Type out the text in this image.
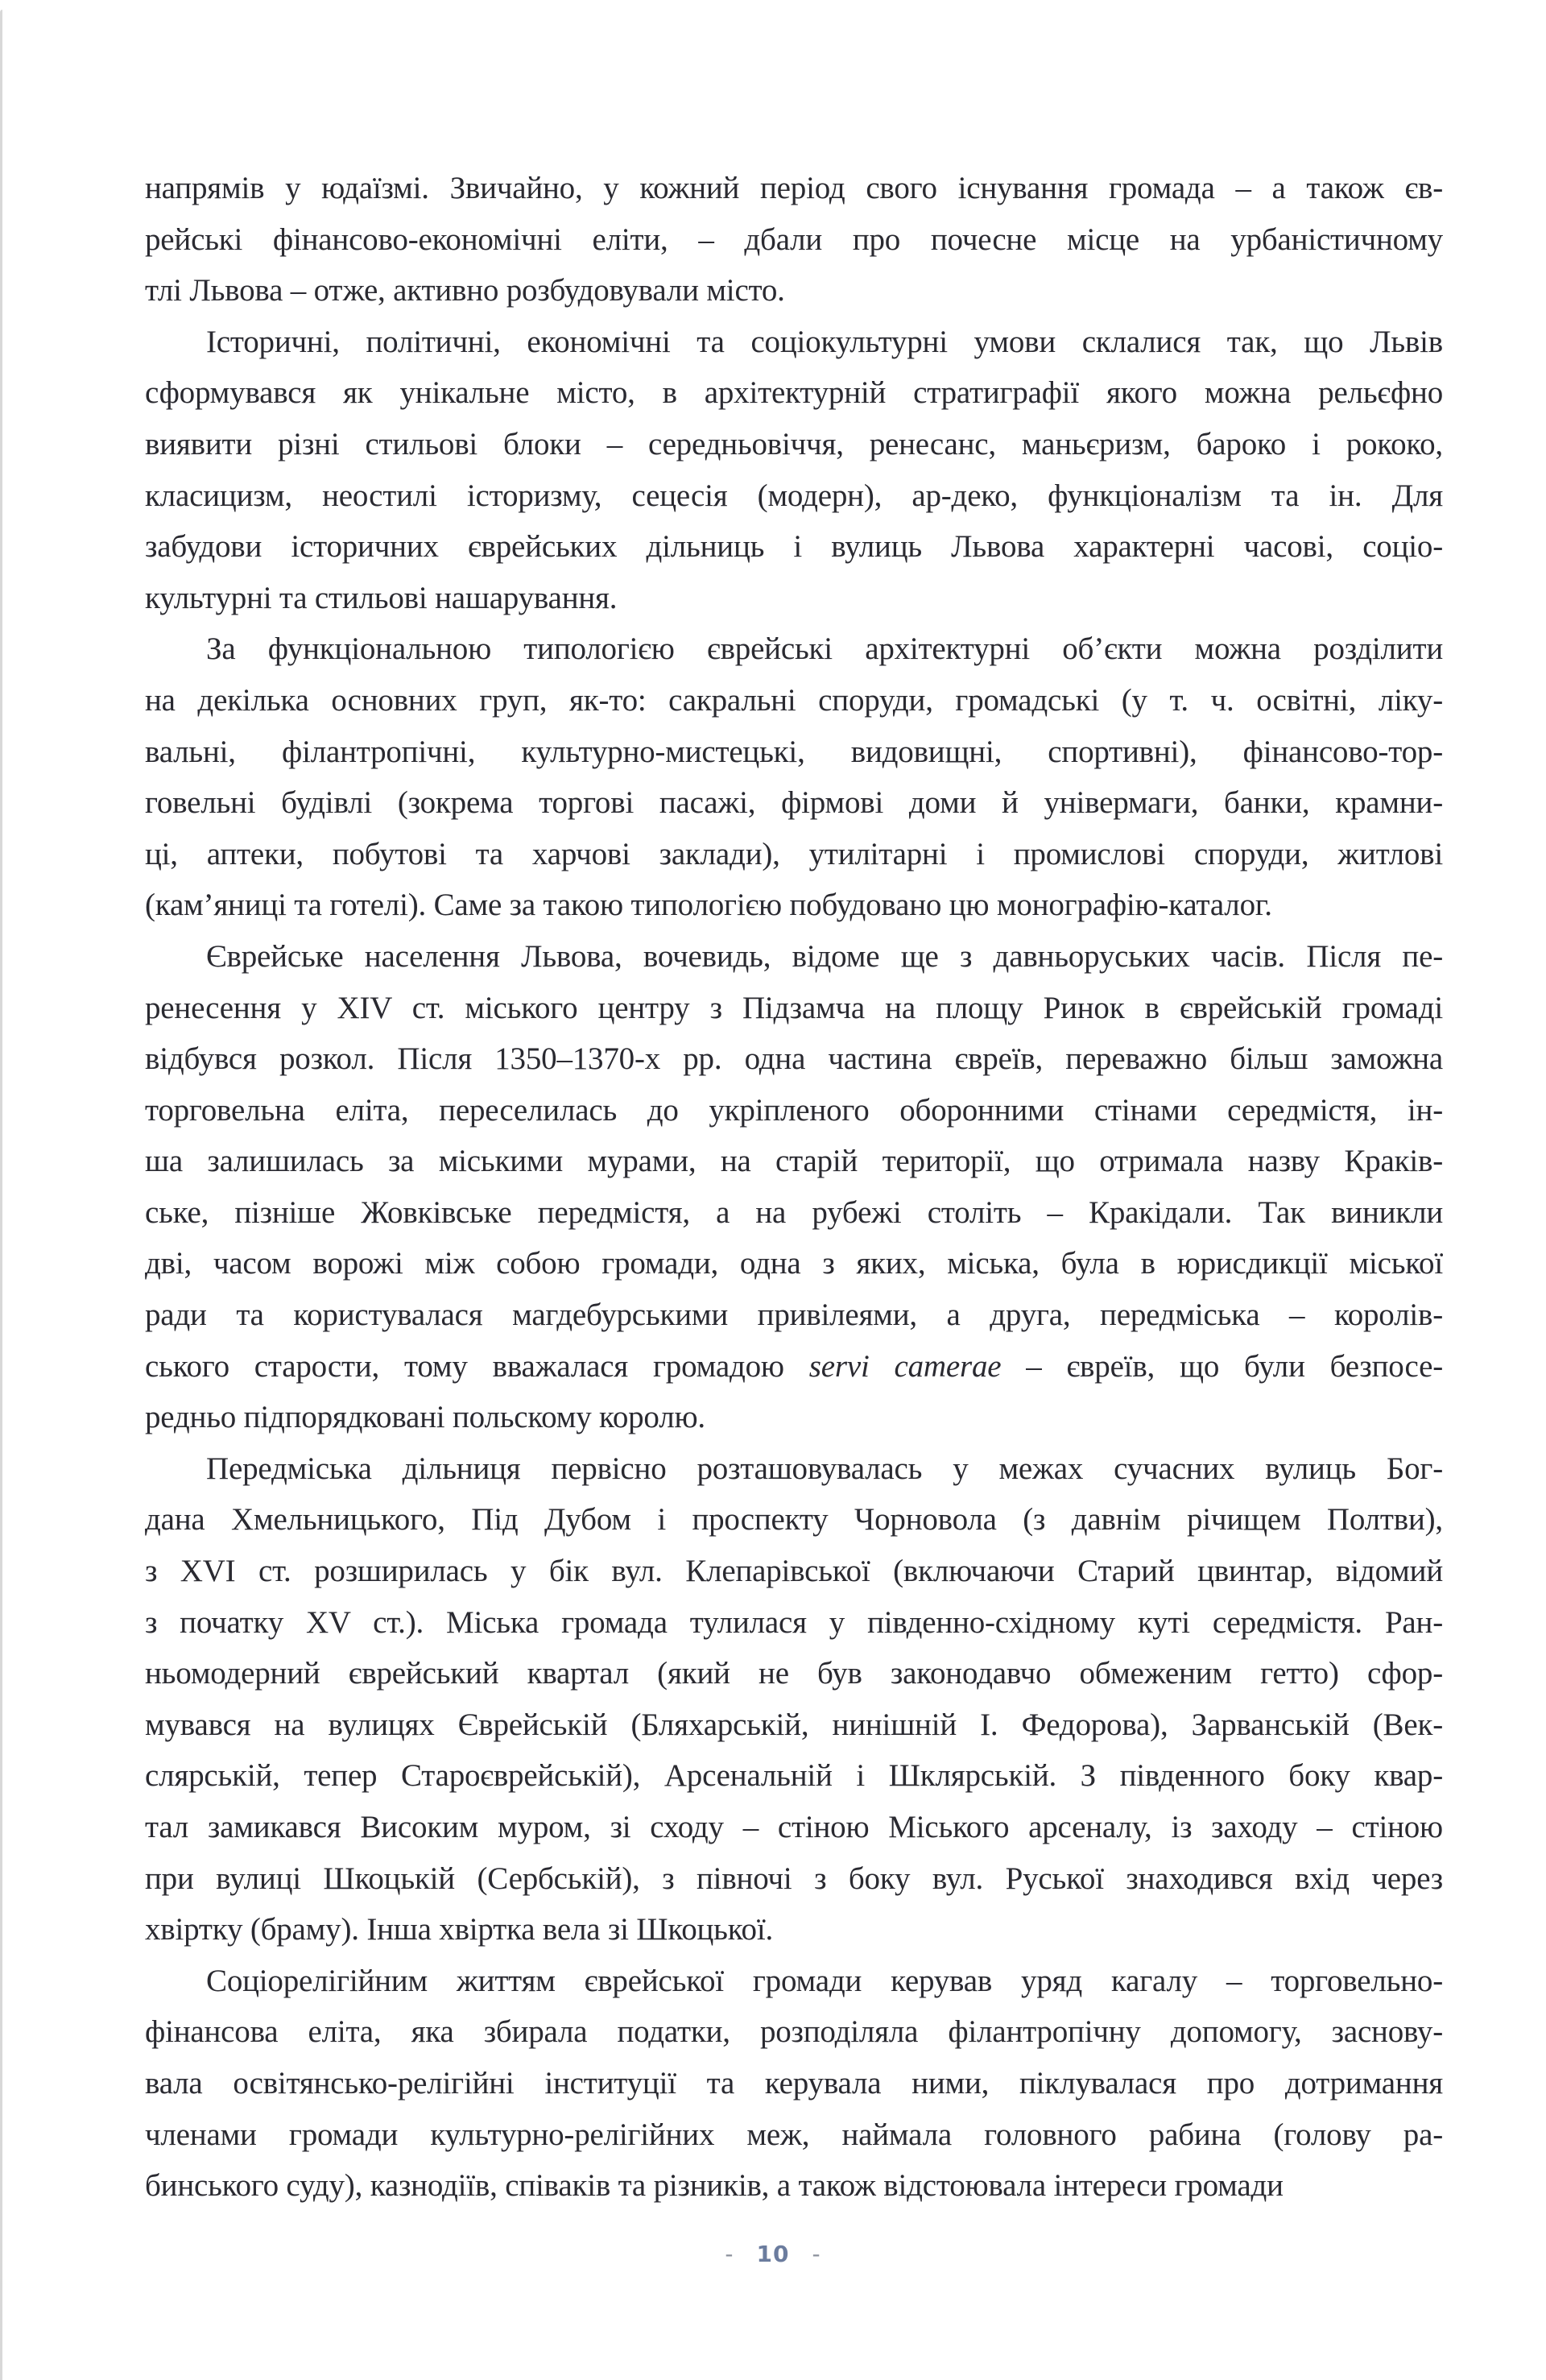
напрямів у юдаїзмі. Звичайно, у кожний період свого існування громада – а також єв-
рейські фінансово-економічні еліти, – дбали про почесне місце на урбаністичному
тлі Львова – отже, активно розбудовували місто.
Історичні, політичні, економічні та соціокультурні умови склалися так, що Львів
сформувався як унікальне місто, в архітектурній стратиграфії якого можна рельєфно
виявити різні стильові блоки – середньовіччя, ренесанс, маньєризм, бароко і рококо,
класицизм, неостилі історизму, сецесія (модерн), ар-деко, функціоналізм та ін. Для
забудови історичних єврейських дільниць і вулиць Львова характерні часові, соціо-
культурні та стильові нашарування.
За функціональною типологією єврейські архітектурні об’єкти можна розділити
на декілька основних груп, як-то: сакральні споруди, громадські (у т. ч. освітні, ліку-
вальні, філантропічні, культурно-мистецькі, видовищні, спортивні), фінансово-тор-
говельні будівлі (зокрема торгові пасажі, фірмові доми й універмаги, банки, крамни-
ці, аптеки, побутові та харчові заклади), утилітарні і промислові споруди, житлові
(кам’яниці та готелі). Саме за такою типологією побудовано цю монографію-каталог.
Єврейське населення Львова, вочевидь, відоме ще з давньоруських часів. Після пе-
ренесення у XIV ст. міського центру з Підзамча на площу Ринок в єврейській громаді
відбувся розкол. Після 1350–1370-х рр. одна частина євреїв, переважно більш заможна
торговельна еліта, переселилась до укріпленого оборонними стінами середмістя, ін-
ша залишилась за міськими мурами, на старій території, що отримала назву Краків-
ське, пізніше Жовківське передмістя, а на рубежі століть – Кракідали. Так виникли
дві, часом ворожі між собою громади, одна з яких, міська, була в юрисдикції міської
ради та користувалася магдебурськими привілеями, а друга, передміська – королів-
ського старости, тому вважалася громадою servi camerae – євреїв, що були безпосе-
редньо підпорядковані польскому королю.
Передміська дільниця первісно розташовувалась у межах сучасних вулиць Бог-
дана Хмельницького, Під Дубом і проспекту Чорновола (з давнім річищем Полтви),
з XVI ст. розширилась у бік вул. Клепарівської (включаючи Старий цвинтар, відомий
з початку XV ст.). Міська громада тулилася у південно-східному куті середмістя. Ран-
ньомодерний єврейський квартал (який не був законодавчо обмеженим гетто) сфор-
мувався на вулицях Єврейській (Бляхарській, нинішній І. Федорова), Зарванській (Век-
слярській, тепер Староєврейській), Арсенальній і Шклярській. З південного боку квар-
тал замикався Високим муром, зі сходу – стіною Міського арсеналу, із заходу – стіною
при вулиці Шкоцькій (Сербській), з півночі з боку вул. Руської знаходився вхід через
хвіртку (браму). Інша хвіртка вела зі Шкоцької.
Соціорелігійним життям єврейської громади керував уряд кагалу – торговельно-
фінансова еліта, яка збирала податки, розподіляла філантропічну допомогу, заснову-
вала освітянсько-релігійні інституції та керувала ними, піклувалася про дотримання
членами громади культурно-релігійних меж, наймала головного рабина (голову ра-
бинського суду), казнодіїв, співаків та різників, а також відстоювала інтереси громади
- 10 -
